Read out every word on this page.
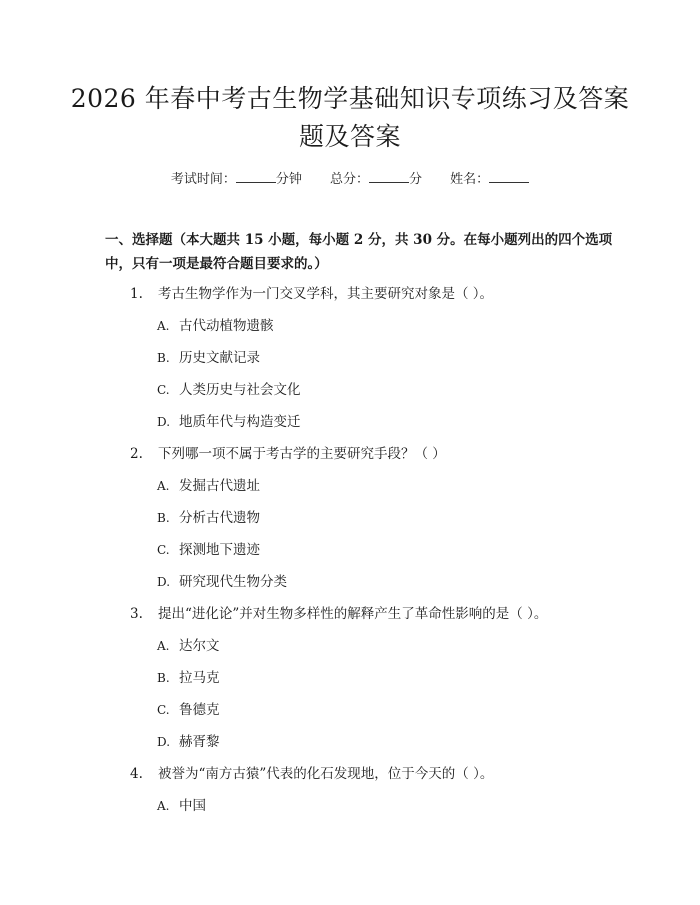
2026 年春中考古生物学基础知识专项练习及答案题及答案
考试时间：	分钟 总分：	分 姓名：

一、选择题（本大题共 15 小题，每小题 2 分，共 30 分。在每小题列出的四个选项中，只有一项是最符合题目要求的。）

1. 考古生物学作为一门交叉学科，其主要研究对象是（ ）。
A. 古代动植物遗骸
B. 历史文献记录
C. 人类历史与社会文化
D. 地质年代与构造变迁
2. 下列哪一项不属于考古学的主要研究手段？（ ）
A. 发掘古代遗址
B. 分析古代遗物
C. 探测地下遗迹
D. 研究现代生物分类
3. 提出“进化论”并对生物多样性的解释产生了革命性影响的是（ ）。
A. 达尔文
B. 拉马克
C. 鲁德克
D. 赫胥黎
4. 被誉为“南方古猿”代表的化石发现地，位于今天的（ ）。
A. 中国
